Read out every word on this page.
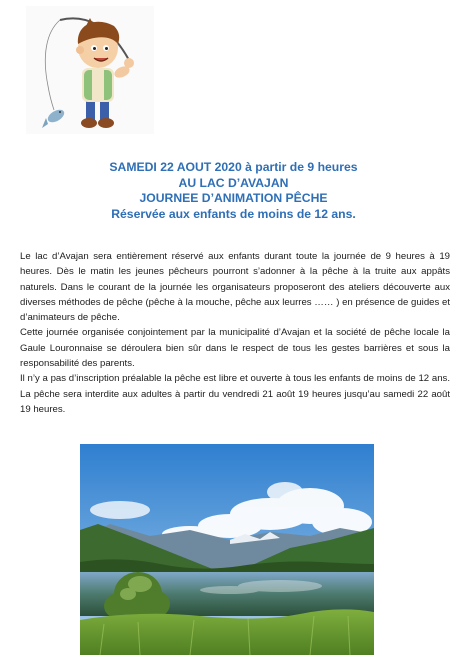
SAMEDI 22 AOUT 2020 à partir de 9 heures
AU LAC D’AVAJAN
JOURNEE D’ANIMATION PÊCHE
Réservée aux enfants de moins de 12 ans.

Le lac d’Avajan sera entièrement réservé aux enfants durant toute la journée de 9 heures à 19 heures. Dès le matin les jeunes pêcheurs pourront s’adonner à la pêche à la truite aux appâts naturels. Dans le courant de la journée les organisateurs proposeront des ateliers découverte aux diverses méthodes de pêche (pêche à la mouche, pêche aux leurres …… ) en présence de guides et d’animateurs de pêche.

Cette journée organisée conjointement par la municipalité d’Avajan et la société de pêche locale la Gaule Louronnaise se déroulera bien sûr dans le respect de tous les gestes barrières et sous la responsabilité des parents.

Il n’y a pas d’inscription préalable la pêche est libre et ouverte à tous les enfants de moins de 12 ans. La pêche sera interdite aux adultes à partir du vendredi 21 août 19 heures jusqu’au samedi 22 août 19 heures.
